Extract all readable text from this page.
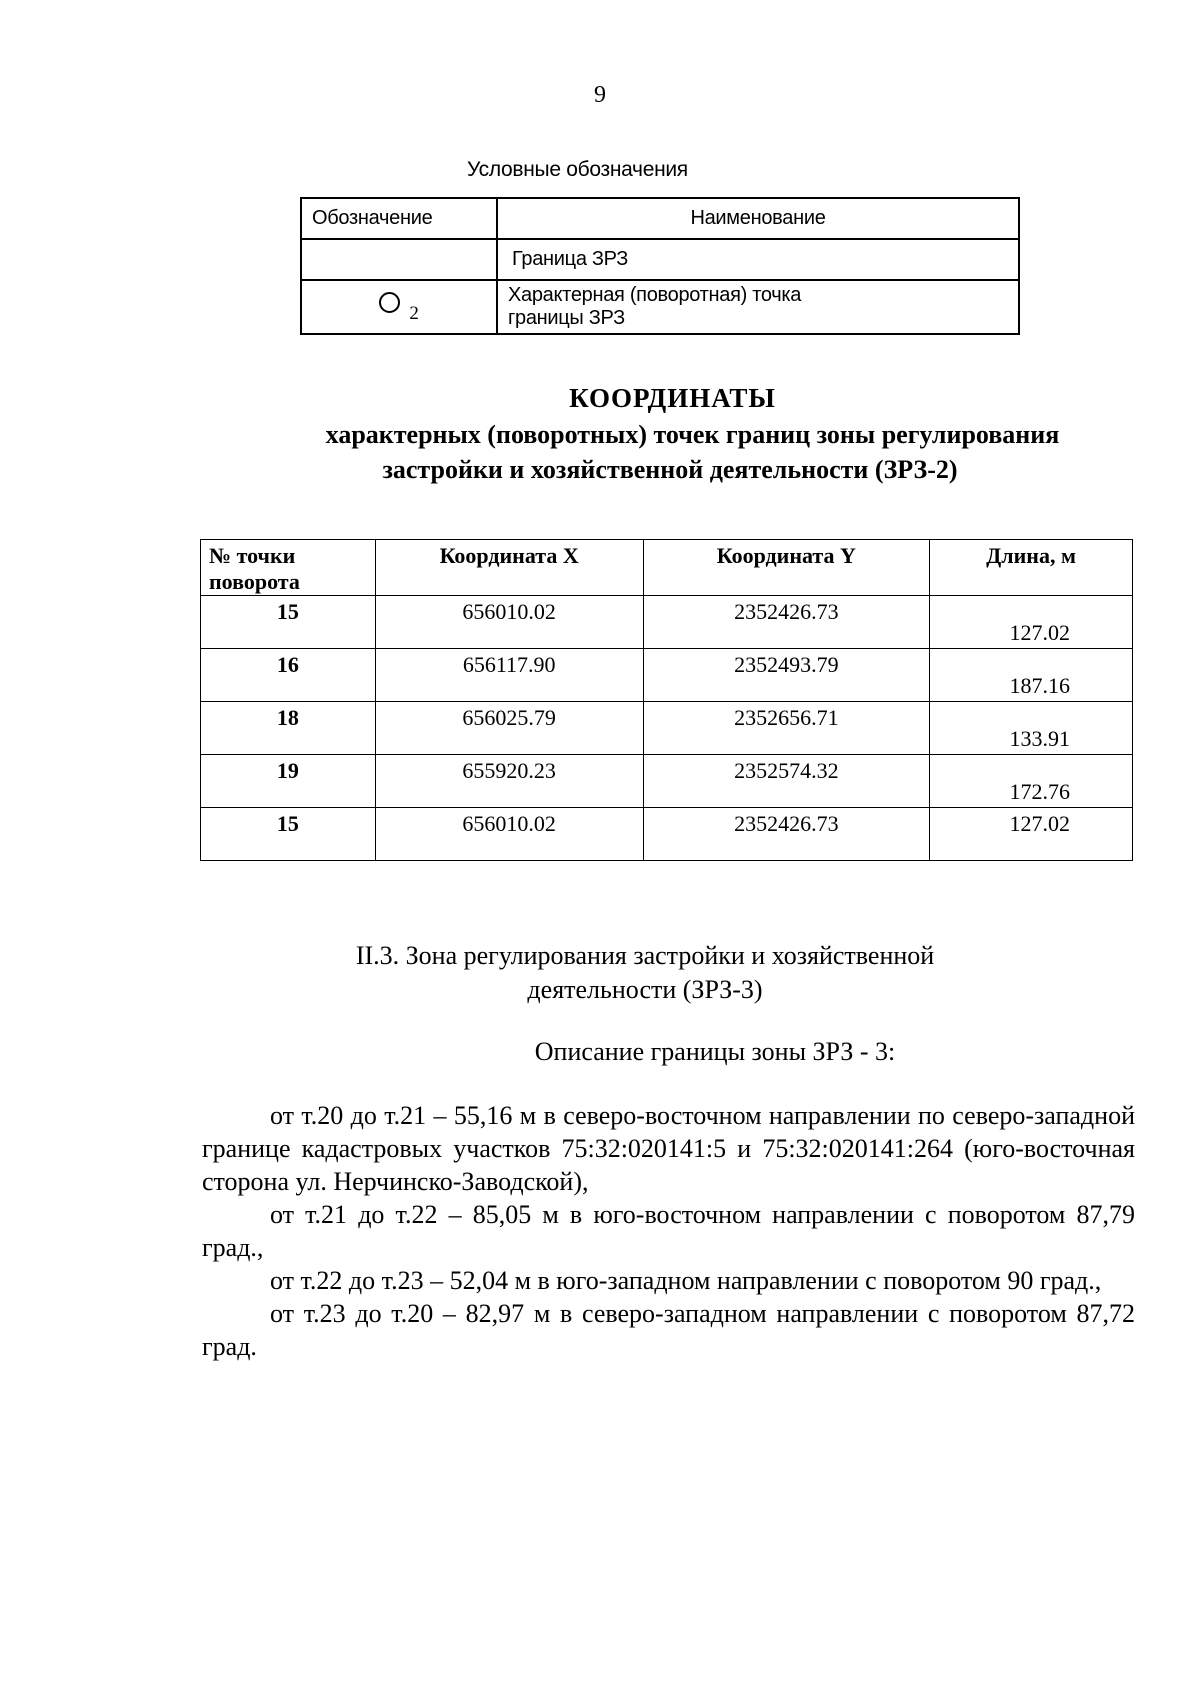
9
Условные обозначения
Обозначение	Наименование
	Граница ЗРЗ

2	Характерная (поворотная) точка
границы ЗРЗ
КООРДИНАТЫ
характерных (поворотных) точек границ зоны регулирования
застройки и хозяйственной деятельности (ЗРЗ-2)
№ точки
поворота	Координата X	Координата Y	Длина, м
15	656010.02	2352426.73	127.02

16	656117.90	2352493.79	187.16

18	656025.79	2352656.71	133.91

19	655920.23	2352574.32	172.76

15	656010.02	2352426.73	127.02
II.3. Зона регулирования застройки и хозяйственной
деятельности (ЗРЗ-3)
Описание границы зоны ЗРЗ - 3:

от т.20 до т.21 – 55,16 м в северо-восточном направлении по северо-западной границе кадастровых участков 75:32:020141:5 и 75:32:020141:264 (юго-восточная сторона ул. Нерчинско-Заводской),

от т.21 до т.22 – 85,05 м в юго-восточном направлении с поворотом 87,79 град.,

от т.22 до т.23 – 52,04 м в юго-западном направлении с поворотом 90 град.,

от т.23 до т.20 – 82,97 м в северо-западном направлении с поворотом 87,72 град.
